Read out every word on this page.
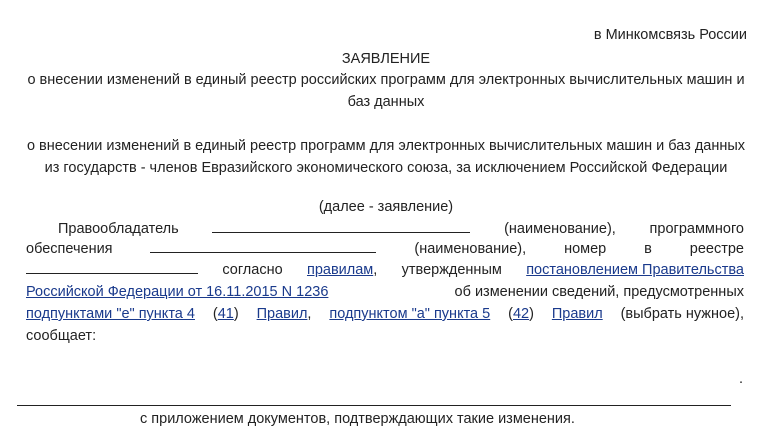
в Минкомсвязь России
ЗАЯВЛЕНИЕ
о внесении изменений в единый реестр российских программ для электронных вычислительных машин и баз данных
о внесении изменений в единый реестр программ для электронных вычислительных машин и баз данных из государств - членов Евразийского экономического союза, за исключением Российской Федерации
(далее - заявление)
Правообладатель	(наименование), программного
обеспечения	(наименование),	номер	в	реестре
согласно правилам, утвержденным постановлением Правительства
Российской Федерации от 16.11.2015 N 1236	об изменении сведений, предусмотренных
подпунктами "е" пункта 4 (41) Правил, подпунктом "а" пункта 5 (42) Правил (выбрать нужное),
сообщает:
.
с приложением документов, подтверждающих такие изменения.
